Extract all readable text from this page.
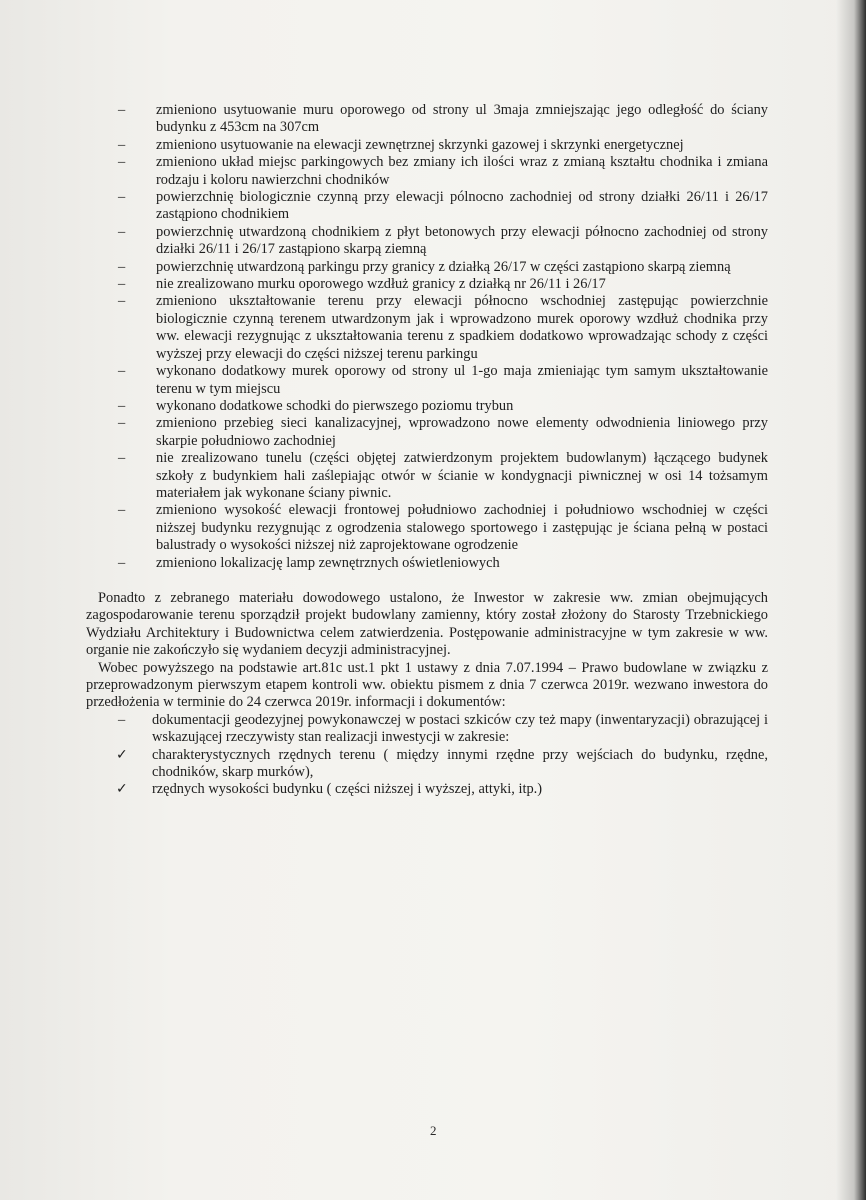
– zmieniono usytuowanie muru oporowego od strony ul 3maja zmniejszając jego odległość do ściany budynku z 453cm na 307cm
– zmieniono usytuowanie na elewacji zewnętrznej skrzynki gazowej i skrzynki energetycznej
– zmieniono układ miejsc parkingowych bez zmiany ich ilości wraz z zmianą kształtu chodnika i zmiana rodzaju i koloru nawierzchni chodników
– powierzchnię biologicznie czynną przy elewacji pólnocno zachodniej od strony działki 26/11 i 26/17 zastąpiono chodnikiem
– powierzchnię utwardzoną chodnikiem z płyt betonowych przy elewacji północno zachodniej od strony działki 26/11 i 26/17 zastąpiono skarpą ziemną
– powierzchnię utwardzoną parkingu przy granicy z działką 26/17 w części zastąpiono skarpą ziemną
– nie zrealizowano murku oporowego wzdłuż granicy z działką nr 26/11 i 26/17
– zmieniono ukształtowanie terenu przy elewacji północno wschodniej zastępując powierzchnie biologicznie czynną terenem utwardzonym jak i wprowadzono murek oporowy wzdłuż chodnika przy ww. elewacji rezygnując z ukształtowania terenu z spadkiem dodatkowo wprowadzając schody z części wyższej przy elewacji do części niższej terenu parkingu
– wykonano dodatkowy murek oporowy od strony ul 1-go maja zmieniając tym samym ukształtowanie terenu w tym miejscu
– wykonano dodatkowe schodki do pierwszego poziomu trybun
– zmieniono przebieg sieci kanalizacyjnej, wprowadzono nowe elementy odwodnienia liniowego przy skarpie południowo zachodniej
– nie zrealizowano tunelu (części objętej zatwierdzonym projektem budowlanym) łączącego budynek szkoły z budynkiem hali zaślepiając otwór w ścianie w kondygnacji piwnicznej w osi 14 tożsamym materiałem jak wykonane ściany piwnic.
– zmieniono wysokość elewacji frontowej południowo zachodniej i południowo wschodniej w części niższej budynku rezygnując z ogrodzenia stalowego sportowego i zastępując je ściana pełną w postaci balustrady o wysokości niższej niż zaprojektowane ogrodzenie
– zmieniono lokalizację lamp zewnętrznych oświetleniowych

Ponadto z zebranego materiału dowodowego ustalono, że Inwestor w zakresie ww. zmian obejmujących zagospodarowanie terenu sporządził projekt budowlany zamienny, który został złożony do Starosty Trzebnickiego Wydziału Architektury i Budownictwa celem zatwierdzenia. Postępowanie administracyjne w tym zakresie w ww. organie nie zakończyło się wydaniem decyzji administracyjnej.

Wobec powyższego na podstawie art.81c ust.1 pkt 1 ustawy z dnia 7.07.1994 – Prawo budowlane w związku z przeprowadzonym pierwszym etapem kontroli ww. obiektu pismem z dnia 7 czerwca 2019r. wezwano inwestora do przedłożenia w terminie do 24 czerwca 2019r. informacji i dokumentów:

– dokumentacji geodezyjnej powykonawczej w postaci szkiców czy też mapy (inwentaryzacji) obrazującej i wskazującej rzeczywisty stan realizacji inwestycji w zakresie:
✓ charakterystycznych rzędnych terenu ( między innymi rzędne przy wejściach do budynku, rzędne, chodników, skarp murków),
✓ rzędnych wysokości budynku ( części niższej i wyższej, attyki, itp.)
2
